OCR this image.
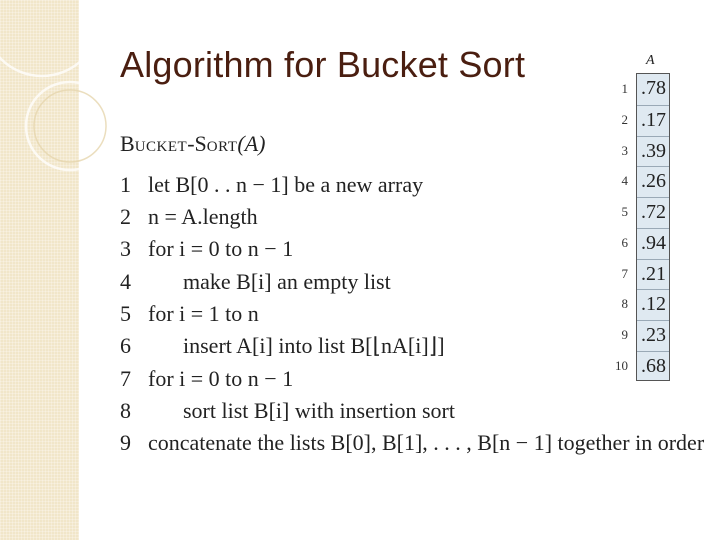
Algorithm for Bucket Sort
BUCKET-SORT(A)
1 let B[0 . . n − 1] be a new array
2 n = A.length
3 for i = 0 to n − 1
4 make B[i] an empty list
5 for i = 1 to n
6 insert A[i] into list B[⌊nA[i]⌋]
7 for i = 0 to n − 1
8 sort list B[i] with insertion sort
9 concatenate the lists B[0], B[1], . . . , B[n − 1] together in order
A
.78
.17
.39
.26
.72
.94
.21
.12
.23
.68
1
2
3
4
5
6
7
8
9
10
